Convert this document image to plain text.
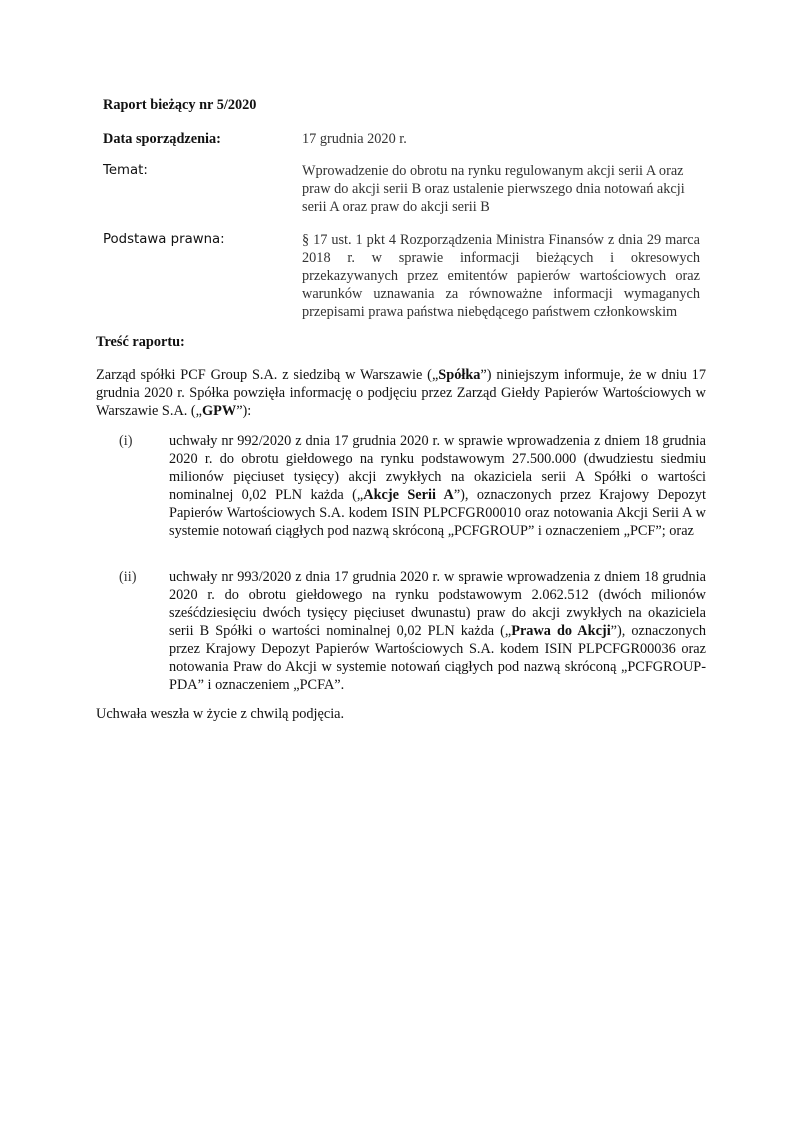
Raport bieżący nr 5/2020
Data sporządzenia:	17 grudnia 2020 r.
Temat:	Wprowadzenie do obrotu na rynku regulowanym akcji serii A oraz praw do akcji serii B oraz ustalenie pierwszego dnia notowań akcji serii A oraz praw do akcji serii B
Podstawa prawna:	§ 17 ust. 1 pkt 4 Rozporządzenia Ministra Finansów z dnia 29 marca 2018 r. w sprawie informacji bieżących i okresowych przekazywanych przez emitentów papierów wartościowych oraz warunków uznawania za równoważne informacji wymaganych przepisami prawa państwa niebędącego państwem członkowskim
Treść raportu:

Zarząd spółki PCF Group S.A. z siedzibą w Warszawie („Spółka”) niniejszym informuje, że w dniu 17 grudnia 2020 r. Spółka powzięła informację o podjęciu przez Zarząd Giełdy Papierów Wartościowych w Warszawie S.A. („GPW”):

(i)	uchwały nr 992/2020 z dnia 17 grudnia 2020 r. w sprawie wprowadzenia z dniem 18 grudnia 2020 r. do obrotu giełdowego na rynku podstawowym 27.500.000 (dwudziestu siedmiu milionów pięciuset tysięcy) akcji zwykłych na okaziciela serii A Spółki o wartości nominalnej 0,02 PLN każda („Akcje Serii A”), oznaczonych przez Krajowy Depozyt Papierów Wartościowych S.A. kodem ISIN PLPCFGR00010 oraz notowania Akcji Serii A w systemie notowań ciągłych pod nazwą skróconą „PCFGROUP” i oznaczeniem „PCF”; oraz

(ii) uchwały nr 993/2020 z dnia 17 grudnia 2020 r. w sprawie wprowadzenia z dniem 18 grudnia 2020 r. do obrotu giełdowego na rynku podstawowym 2.062.512 (dwóch milionów sześćdziesięciu dwóch tysięcy pięciuset dwunastu) praw do akcji zwykłych na okaziciela serii B Spółki o wartości nominalnej 0,02 PLN każda („Prawa do Akcji”), oznaczonych przez Krajowy Depozyt Papierów Wartościowych S.A. kodem ISIN PLPCFGR00036 oraz notowania Praw do Akcji w systemie notowań ciągłych pod nazwą skróconą „PCFGROUP-PDA” i oznaczeniem „PCFA”.

Uchwała weszła w życie z chwilą podjęcia.
